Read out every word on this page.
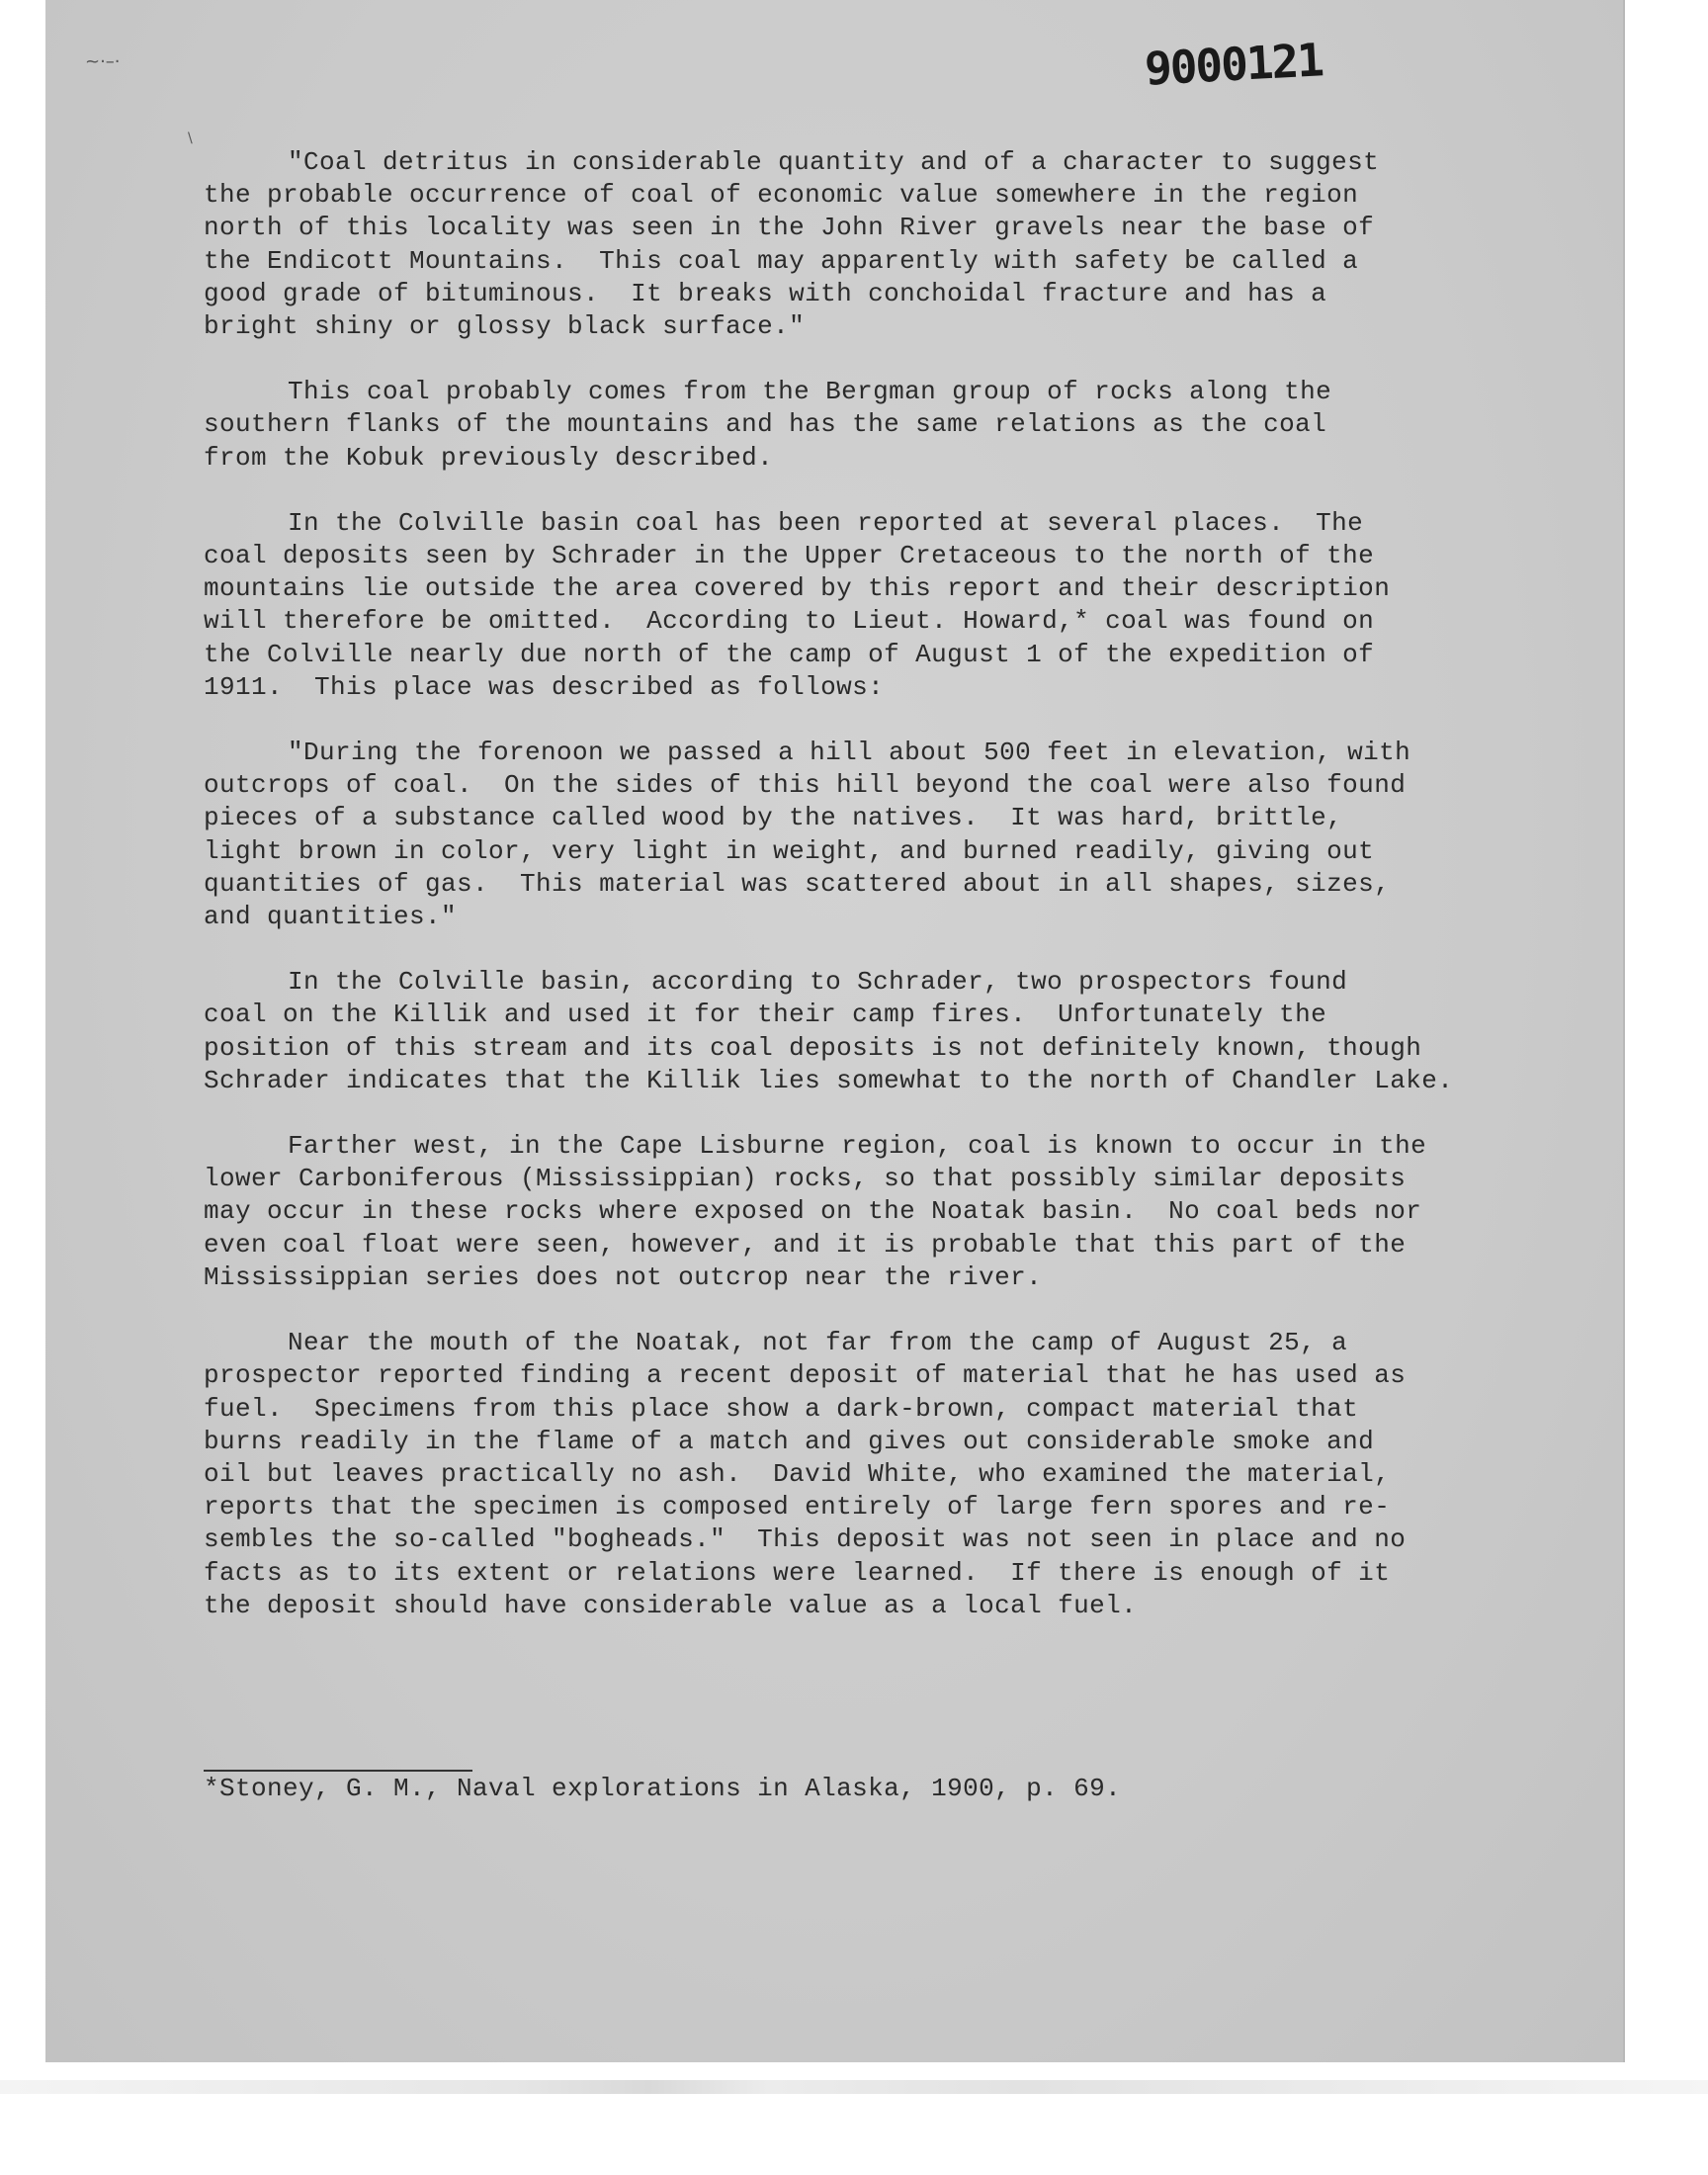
9000121
~·–·
\
"Coal detritus in considerable quantity and of a character to suggest
the probable occurrence of coal of economic value somewhere in the region
north of this locality was seen in the John River gravels near the base of
the Endicott Mountains.  This coal may apparently with safety be called a
good grade of bituminous.  It breaks with conchoidal fracture and has a
bright shiny or glossy black surface."
This coal probably comes from the Bergman group of rocks along the
southern flanks of the mountains and has the same relations as the coal
from the Kobuk previously described.
In the Colville basin coal has been reported at several places.  The
coal deposits seen by Schrader in the Upper Cretaceous to the north of the
mountains lie outside the area covered by this report and their description
will therefore be omitted.  According to Lieut. Howard,* coal was found on
the Colville nearly due north of the camp of August 1 of the expedition of
1911.  This place was described as follows:
"During the forenoon we passed a hill about 500 feet in elevation, with
outcrops of coal.  On the sides of this hill beyond the coal were also found
pieces of a substance called wood by the natives.  It was hard, brittle,
light brown in color, very light in weight, and burned readily, giving out
quantities of gas.  This material was scattered about in all shapes, sizes,
and quantities."
In the Colville basin, according to Schrader, two prospectors found
coal on the Killik and used it for their camp fires.  Unfortunately the
position of this stream and its coal deposits is not definitely known, though
Schrader indicates that the Killik lies somewhat to the north of Chandler Lake.
Farther west, in the Cape Lisburne region, coal is known to occur in the
lower Carboniferous (Mississippian) rocks, so that possibly similar deposits
may occur in these rocks where exposed on the Noatak basin.  No coal beds nor
even coal float were seen, however, and it is probable that this part of the
Mississippian series does not outcrop near the river.
Near the mouth of the Noatak, not far from the camp of August 25, a
prospector reported finding a recent deposit of material that he has used as
fuel.  Specimens from this place show a dark-brown, compact material that
burns readily in the flame of a match and gives out considerable smoke and
oil but leaves practically no ash.  David White, who examined the material,
reports that the specimen is composed entirely of large fern spores and re-
sembles the so-called "bogheads."  This deposit was not seen in place and no
facts as to its extent or relations were learned.  If there is enough of it
the deposit should have considerable value as a local fuel.
*Stoney, G. M., Naval explorations in Alaska, 1900, p. 69.
